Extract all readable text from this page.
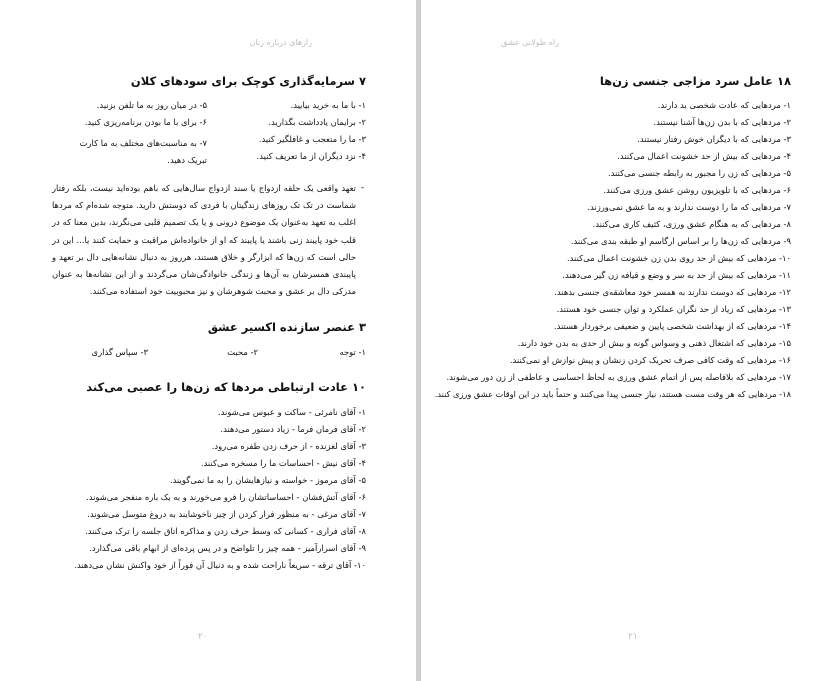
راز‌های درباره زنان
۷ سرمایه‌گذاری کوچک برای سودهای کلان
۱- با ما به خرید بیایید.
۲- برایمان یادداشت بگذارید.
۳- ما را متعجب و غافلگیر کنید.
۴- نزد دیگران از ما تعریف کنید.
۵- در میان روز به ما تلفن بزنید.
۶- برای با ما بودن برنامه‌ریزی کنید.
۷- به مناسبت‌های مختلف به ما کارت تبریک دهید.
-
تعهد واقعی یک حلقه ازدواج یا سند ازدواج سال‌هایی که باهم بوده‌اید نیست، بلکه رفتار شماست در تک تک روزهای زندگیتان با فردی که دوستش دارید. متوجه شده‌ام که مردها اغلب به تعهد به‌عنوان یک موضوع درونی و یا یک تصمیم قلبی می‌نگرند، بدین معنا که در قلب خود پایبند زنی باشند یا پایبند که او از خانواده‌اش مراقبت و حمایت کنند یا... این در حالی است که زن‌ها که ابزارگر و خلاق هستند، هرروز به دنبال نشانه‌هایی دال بر تعهد و پایبندی همسرشان به آن‌ها و زندگی خانوادگی‌شان می‌گردند و از این نشانه‌ها به عنوان مدرکی دال بر عشق و محبت شوهرشان و نیز محبوبیت خود استفاده می‌کنند.
۳ عنصر سازنده اکسیر عشق
۱- توجه
۲- محبت
۳- سپاس گذاری
۱۰ عادت ارتباطی مردها که زن‌ها را عصبی می‌کند
۱- آقای نامرئی - ساکت و عبوس می‌شوند.
۲- آقای فرمان فرما - زیاد دستور می‌دهند.
۳- آقای لغزنده - از حرف زدن طفره می‌رود.
۴- آقای نیش - احساسات ما را مسخره می‌کنند.
۵- آقای مرموز - خواسته و نیازهایشان را به ما نمی‌گویند.
۶- آقای آتش‌فشان - احساساتشان را فرو می‌خورند و به یک باره منفجر می‌شوند.
۷- آقای مرغی - به منظور فرار کردن از چیز ناخوشایند به دروغ متوسل می‌شوند.
۸- آقای فراری - کسانی که وسط حرف زدن و مذاکره اتاق جلسه را ترک می‌کنند.
۹- آقای اسرارآمیز - همه چیز را تلواضح و در پس پرده‌ای از ابهام باقی می‌گذارد.
۱۰- آقای ترقه - سریعاً ناراحت شده و به دنبال آن فوراً از خود واکنش نشان می‌دهند.
۲۰
راه طولانی عشق
۱۸ عامل سرد مزاجی جنسی زن‌ها
۱- مردهایی که عادت شخصی بد دارند.
۲- مردهایی که با بدن زن‌ها آشنا نیستند.
۳- مردهایی که با دیگران خوش رفتار نیستند.
۴- مردهایی که بیش از حد خشونت اعمال می‌کنند.
۵- مردهایی که زن را مجبور به رابطه جنسی می‌کنند.
۶- مردهایی که با تلویزیون روشن عشق ورزی می‌کنند.
۷- مردهایی که ما را دوست ندارند و به ما عشق نمی‌ورزند.
۸- مردهایی که به هنگام عشق ورزی، کثیف کاری می‌کنند.
۹- مردهایی که زن‌ها را بر اساس ارگاسم او طبقه بندی می‌کنند.
۱۰- مردهایی که بیش از حد روی بدن زن خشونت اعمال می‌کنند.
۱۱- مردهایی که بیش از حد به سر و وضع و قیافه زن گیر می‌دهند.
۱۲- مردهایی که دوست ندارند به همسر خود معاشقه‌ی جنسی بدهند.
۱۳- مردهایی که زیاد از حد نگران عملکرد و توان جنسی خود هستند.
۱۴- مردهایی که از بهداشت شخصی پایین و ضعیفی برخوردار هستند.
۱۵- مردهایی که اشتغال ذهنی و وسواس گونه و بیش از حدی به بدن خود دارند.
۱۶- مردهایی که وقت کافی صرف تحریک کردن زنشان و پیش نوازش او نمی‌کنند.
۱۷- مردهایی که بلافاصله پس از اتمام عشق ورزی به لحاظ احساسی و عاطفی از زن دور می‌شوند.
۱۸- مردهایی که هر وقت مست هستند، نیاز جنسی پیدا می‌کنند و حتماً باید در این اوقات عشق ورزی کنند.
۲۱
